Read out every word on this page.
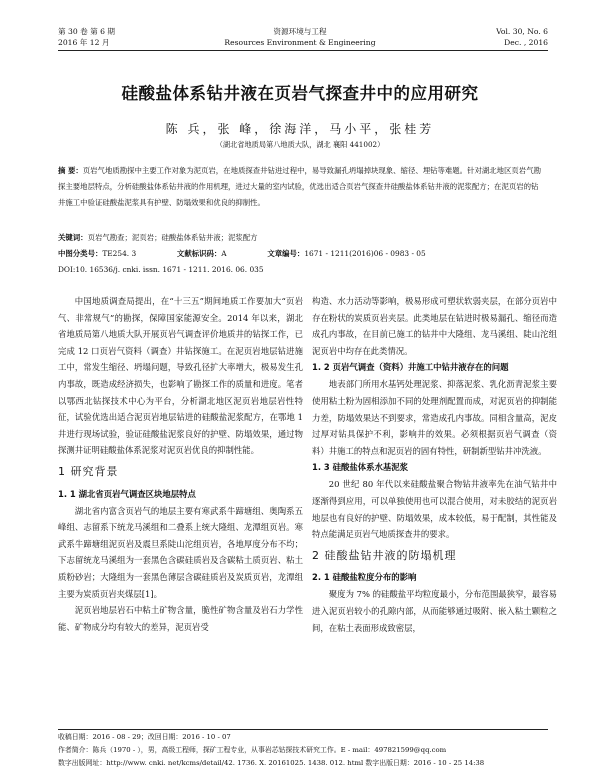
第 30 卷 第 6 期
2016 年 12 月
资源环境与工程
Resources Environment & Engineering
Vol. 30, No. 6
Dec. , 2016
硅酸盐体系钻井液在页岩气探查井中的应用研究
陈 兵，张 峰，徐海洋，马小平，张桂芳
（湖北省地质局第八地质大队，湖北 襄阳 441002）
摘 要：页岩气地质勘探中主要工作对象为泥页岩，在地质探查井钻进过程中，易导致漏孔坍塌掉块现象、缩径、埋钻等难题。针对湖北地区页岩气勘探主要地层特点，分析硅酸盐体系钻井液的作用机理，进过大量的室内试验，优选出适合页岩气探查井硅酸盐体系钻井液的泥浆配方；在泥页岩的钻井施工中验证硅酸盐泥浆具有护壁、防塌效果和优良的抑制性。
关键词：页岩气勘查；泥页岩；硅酸盐体系钻井液；泥浆配方
中图分类号：TE254. 3	文献标识码：A	文章编号：1671 - 1211(2016)06 - 0983 - 05
DOI:10. 16536/j. cnki. issn. 1671 - 1211. 2016. 06. 035

中国地质调查局提出，在“十三五”期间地质工作要加大“页岩气、非常规气”的勘探，保障国家能源安全。2014 年以来，湖北省地质局第八地质大队开展页岩气调查评价地质井的钻探工作，已完成 12 口页岩气资料（调查）井钻探施工。在泥页岩地层钻进施工中，常发生缩径、坍塌问题，导致孔径扩大率增大，极易发生孔内事故，既造成经济损失，也影响了勘探工作的质量和进度。笔者以鄂西北钻探技术中心为平台，分析湖北地区泥页岩地层岩性特征，试验优选出适合泥页岩地层钻进的硅酸盐泥浆配方，在鄂地 1 井进行现场试验，验证硅酸盐泥浆良好的护壁、防塌效果，通过物探测井证明硅酸盐体系泥浆对泥页岩优良的抑制性能。

1 研究背景
1. 1 湖北省页岩气调查区块地层特点

湖北省内富含页岩气的地层主要有寒武系牛蹄塘组、奥陶系五峰组、志留系下统龙马溪组和二叠系上统大隆组、龙潭组页岩。寒武系牛蹄塘组泥页岩及震旦系陡山沱组页岩，各地厚度分布不均；下志留统龙马溪组为一套黑色含碳硅质岩及含碳粘土质页岩、粘土质粉砂岩；大隆组为一套黑色薄层含碳硅质岩及炭质页岩，龙潭组主要为炭质页岩夹煤层[1]。

泥页岩地层岩石中粘土矿物含量，脆性矿物含量及岩石力学性能、矿物成分均有较大的差异，泥页岩受

构造、水力活动等影响，极易形成可塑状软弱夹层，在部分页岩中存在粉状的炭质页岩夹层。此类地层在钻进时极易漏孔、缩径而造成孔内事故，在目前已施工的钻井中大隆组、龙马溪组、陡山沱组泥页岩中均存在此类情况。

1. 2 页岩气调查（资料）井施工中钻井液存在的问题

地表部门所用水基钙处理泥浆、抑落泥浆、乳化沥青泥浆主要使用粘土粉为固相添加不同的处理剂配置而成，对泥页岩的抑制能力差，防塌效果达不到要求，常造成孔内事故。同相含量高，泥皮过厚对钻具保护不利，影响井的效果。必须根据页岩气调查（资料）井施工的特点和泥页岩的固有特性，研制新型钻井冲洗液。

1. 3 硅酸盐体系水基泥浆

20 世纪 80 年代以来硅酸盐聚合物钻井液率先在油气钻井中逐渐得到应用，可以单独使用也可以混合使用，对未胶结的泥页岩地层也有良好的护壁、防塌效果，成本较低，易于配制，其性能及特点能满足页岩气地质探查井的要求。

2 硅酸盐钻井液的防塌机理
2. 1 硅酸盐粒度分布的影响

聚度为 7% 的硅酸盐平均粒度最小，分布范围最狭窄，最容易进入泥页岩较小的孔隙内部，从而能够通过吸附、嵌入粘土颗粒之间，在粘土表面形成致密层，

收稿日期：2016 - 08 - 29；改回日期：2016 - 10 - 07
作者简介：陈兵（1970 - ），男，高级工程师，探矿工程专业，从事岩芯钻探技术研究工作。E - mail：497821599@qq.com
数字出版网址：http://www. cnki. net/kcms/detail/42. 1736. X. 20161025. 1438. 012. html 数字出版日期：2016 - 10 - 25 14:38
